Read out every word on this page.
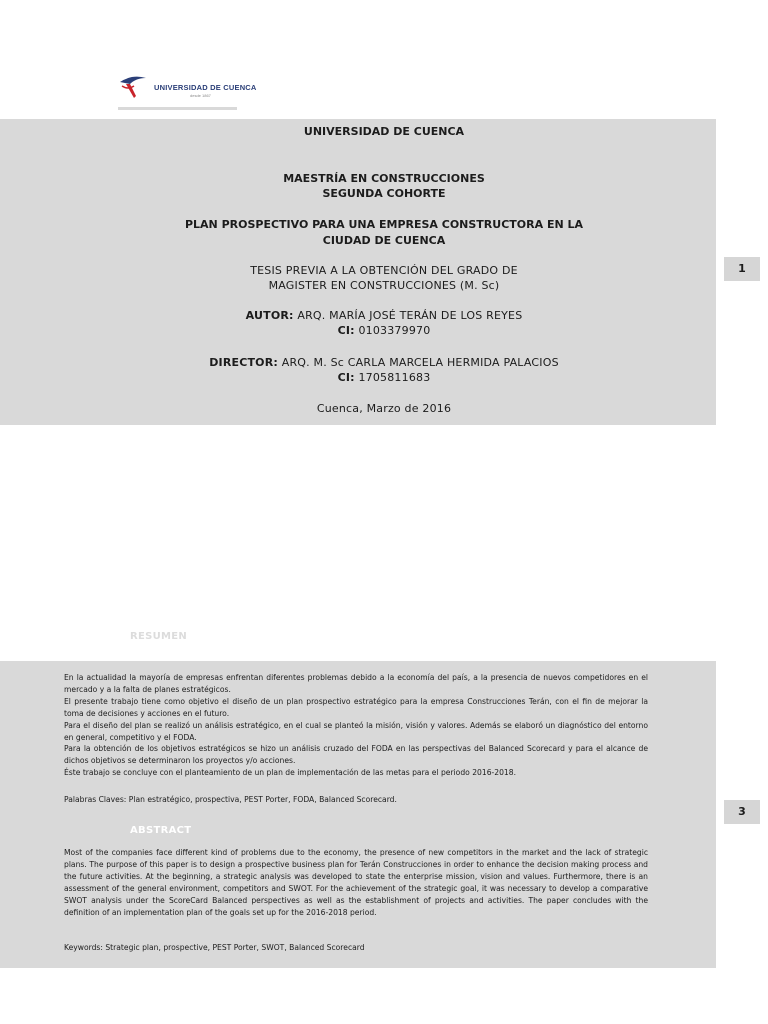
UNIVERSIDAD DE CUENCA
desde 1867
UNIVERSIDAD DE CUENCA
MAESTRÍA EN CONSTRUCCIONES
SEGUNDA COHORTE
PLAN PROSPECTIVO PARA UNA EMPRESA CONSTRUCTORA EN LA
CIUDAD DE CUENCA
TESIS PREVIA A LA OBTENCIÓN DEL GRADO DE
MAGISTER EN CONSTRUCCIONES (M. Sc)
AUTOR: ARQ. MARÍA JOSÉ TERÁN DE LOS REYES
CI: 0103379970
DIRECTOR: ARQ. M. Sc CARLA MARCELA HERMIDA PALACIOS
CI: 1705811683
Cuenca, Marzo de 2016
1
3
RESUMEN
En la actualidad la mayoría de empresas enfrentan diferentes problemas debido a la economía del país, a la presencia de nuevos competidores en el mercado y a la falta de planes estratégicos.
El presente trabajo tiene como objetivo el diseño de un plan prospectivo estratégico para la empresa Construcciones Terán, con el fin de mejorar la toma de decisiones y acciones en el futuro.
Para el diseño del plan se realizó un análisis estratégico, en el cual se planteó la misión, visión y valores. Además se elaboró un diagnóstico del entorno en general, competitivo y el FODA.
Para la obtención de los objetivos estratégicos se hizo un análisis cruzado del FODA en las perspectivas del Balanced Scorecard y para el alcance de dichos objetivos se determinaron los proyectos y/o acciones.
Éste trabajo se concluye con el planteamiento de un plan de implementación de las metas para el periodo 2016-2018.
Palabras Claves: Plan estratégico, prospectiva, PEST Porter, FODA, Balanced Scorecard.
ABSTRACT
Most of the companies face different kind of problems due to the economy, the presence of new competitors in the market and the lack of strategic plans. The purpose of this paper is to design a prospective business plan for Terán Construcciones in order to enhance the decision making process and the future activities. At the beginning, a strategic analysis was developed to state the enterprise mission, vision and values. Furthermore, there is an assessment of the general environment, competitors and SWOT. For the achievement of the strategic goal, it was necessary to develop a comparative SWOT analysis under the ScoreCard Balanced perspectives as well as the establishment of projects and activities. The paper concludes with the definition of an implementation plan of the goals set up for the 2016-2018 period.
Keywords: Strategic plan, prospective, PEST Porter, SWOT, Balanced Scorecard
